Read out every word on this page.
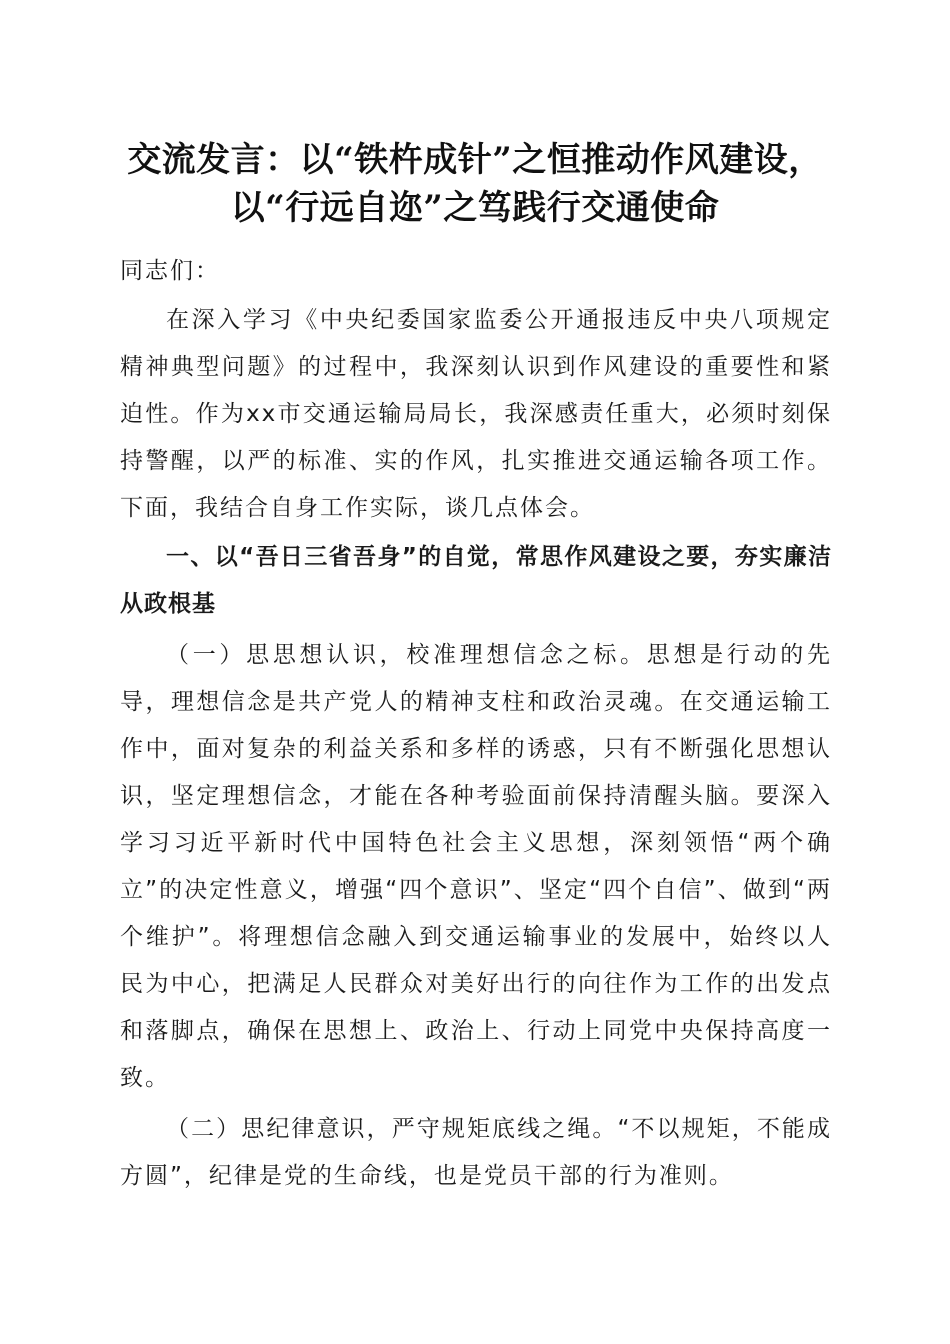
交流发言：以“铁杵成针”之恒推动作风建设，
以“行远自迩”之笃践行交通使命

同志们：

在深入学习《中央纪委国家监委公开通报违反中央八项规定精神典型问题》的过程中，我深刻认识到作风建设的重要性和紧迫性。作为xx市交通运输局局长，我深感责任重大，必须时刻保持警醒，以严的标准、实的作风，扎实推进交通运输各项工作。下面，我结合自身工作实际，谈几点体会。

一、以“吾日三省吾身”的自觉，常思作风建设之要，夯实廉洁从政根基

（一）思思想认识，校准理想信念之标。思想是行动的先导，理想信念是共产党人的精神支柱和政治灵魂。在交通运输工作中，面对复杂的利益关系和多样的诱惑，只有不断强化思想认识，坚定理想信念，才能在各种考验面前保持清醒头脑。要深入学习习近平新时代中国特色社会主义思想，深刻领悟“两个确立”的决定性意义，增强“四个意识”、坚定“四个自信”、做到“两个维护”。将理想信念融入到交通运输事业的发展中，始终以人民为中心，把满足人民群众对美好出行的向往作为工作的出发点和落脚点，确保在思想上、政治上、行动上同党中央保持高度一致。

（二）思纪律意识，严守规矩底线之绳。“不以规矩，不能成方圆”，纪律是党的生命线，也是党员干部的行为准则。
